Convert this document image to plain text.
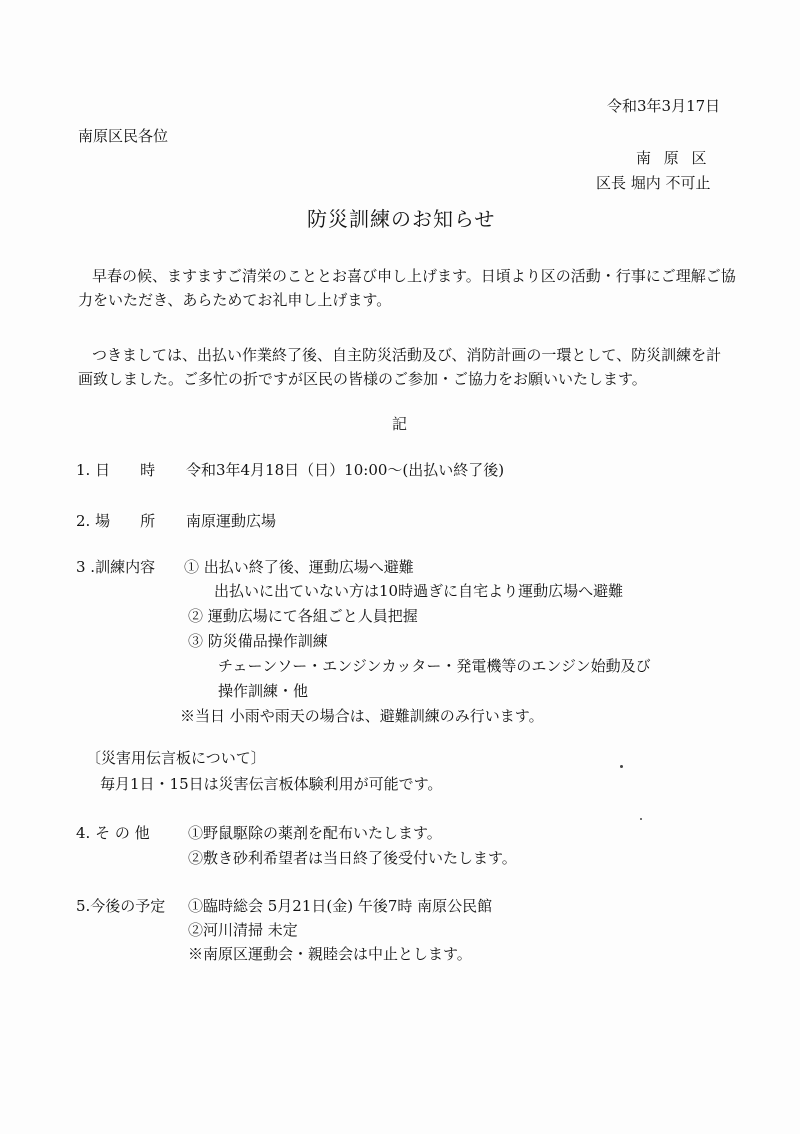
令和3年3月17日
南原区民各位
南 原 区
区長 堀内 不可止
防災訓練のお知らせ
早春の候、ますますご清栄のこととお喜び申し上げます。日頃より区の活動・行事にご理解ご協
力をいただき、あらためてお礼申し上げます。
つきましては、出払い作業終了後、自主防災活動及び、消防計画の一環として、防災訓練を計
画致しました。ご多忙の折ですが区民の皆様のご参加・ご協力をお願いいたします。
記
1. 日　　時 令和3年4月18日（日）10:00～(出払い終了後)
2. 場　　所 南原運動広場
3 .訓練内容 ① 出払い終了後、運動広場へ避難
出払いに出ていない方は10時過ぎに自宅より運動広場へ避難
② 運動広場にて各組ごと人員把握
③ 防災備品操作訓練
チェーンソー・エンジンカッター・発電機等のエンジン始動及び
操作訓練・他
※当日 小雨や雨天の場合は、避難訓練のみ行います。
〔災害用伝言板について〕
毎月1日・15日は災害伝言板体験利用が可能です。
4. そ の 他	①野鼠駆除の薬剤を配布いたします。
②敷き砂利希望者は当日終了後受付いたします。
5.今後の予定 ①臨時総会 5月21日(金) 午後7時 南原公民館
②河川清掃 未定
※南原区運動会・親睦会は中止とします。
